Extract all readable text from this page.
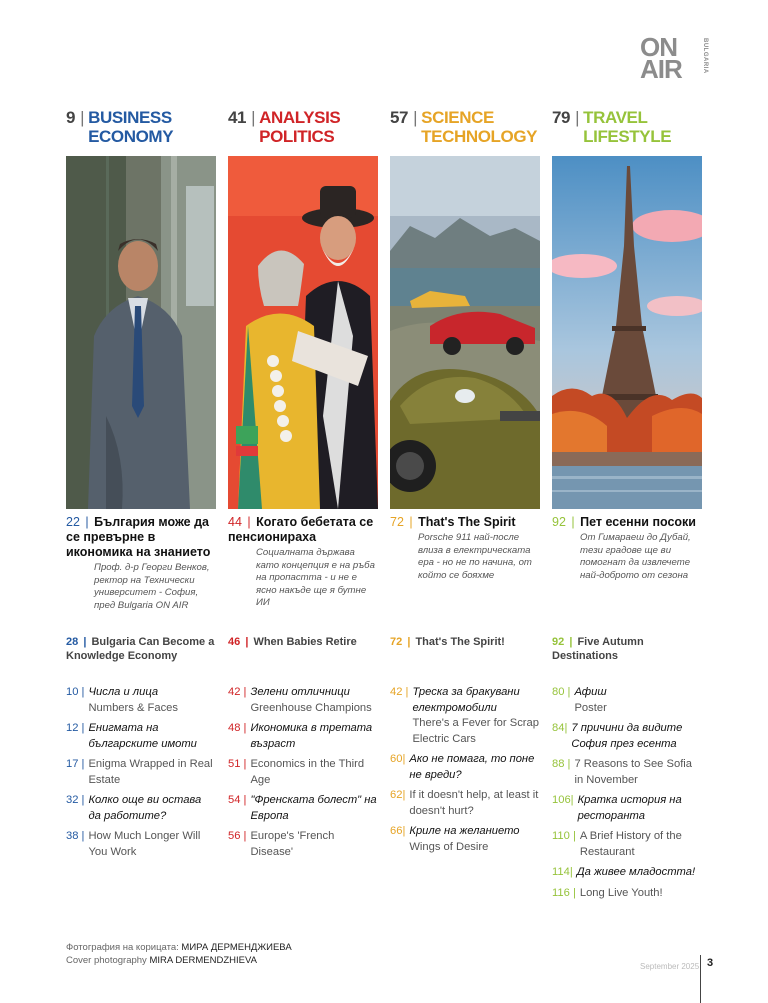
ON
AIR	BULGARIA
9 | BUSINESS
ECONOMY
22 | България може да се превърне в икономика на знанието
Проф. д-р Георги Венков, ректор на Технически университет - София, пред Bulgaria ON AIR
28 | Bulgaria Can Become a Knowledge Economy
10 | Числа и лица
Numbers & Faces
12 | Енигмата на българските имоти
17 | Enigma Wrapped in Real Estate
32 | Колко още ви остава да работите?
38 | How Much Longer Will You Work
41 | ANALYSIS
POLITICS
44 | Когато бебетата се пенсионираха
Социалната държава като концепция е на ръба на пропастта - и не е ясно накъде ще я бутне ИИ
46 | When Babies Retire
42 | Зелени отличници
Greenhouse Champions
48 | Икономика в третата възраст
51 | Economics in the Third Age
54 | "Френската болест" на Европа
56 | Europe's 'French Disease'
57 | SCIENCE
TECHNOLOGY
72 | That's The Spirit
Porsche 911 най-после влиза в електрическата ера - но не по начина, от който се бояхме
72 | That's The Spirit!
42 | Треска за бракувани електромобили
There's a Fever for Scrap Electric Cars
60| Ако не помага, то поне не вреди?
62| If it doesn't help, at least it doesn't hurt?
66| Криле на желанието
Wings of Desire
79 | TRAVEL
LIFESTYLE
92 | Пет есенни посоки
От Гимараеш до Дубай, тези градове ще ви помогнат да извлечете най-доброто от сезона
92 | Five Autumn Destinations
80 | Афиш
Poster
84| 7 причини да видите София през есента
88 | 7 Reasons to See Sofia in November
106| Кратка история на ресторанта
110 | A Brief History of the Restaurant
114| Да живее младостта!
116 | Long Live Youth!
Фотография на корицата: МИРА ДЕРМЕНДЖИЕВА
Cover photography MIRA DERMENDZHIEVA
September 2025 3
